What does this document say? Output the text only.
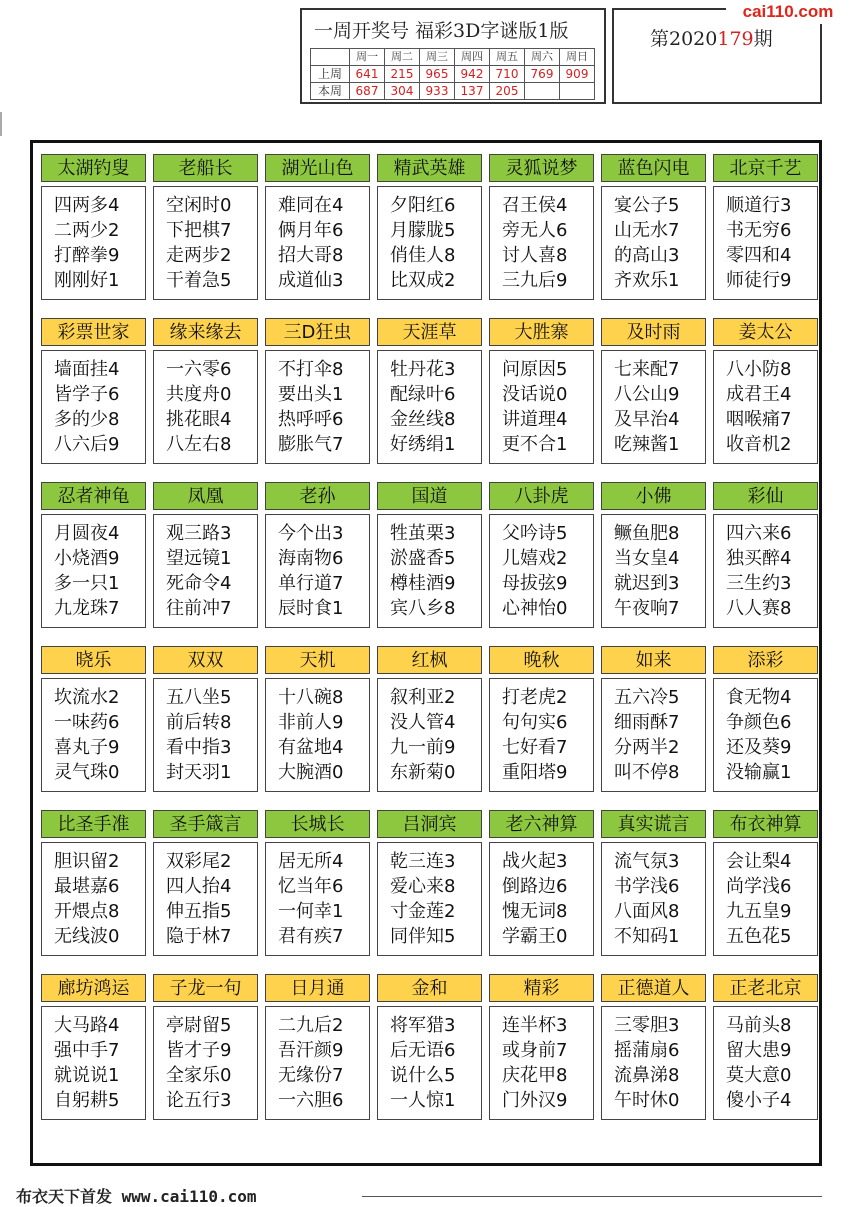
一周开奖号 福彩3D字谜版1版
	周一	周二	周三	周四	周五	周六	周日
上周	641	215	965	942	710	769	909
本周	687	304	933	137	205		
第2020179期
cai110.com
太湖钓叟
四两多4
二两少2
打醉拳9
刚刚好1
老船长
空闲时0
下把棋7
走两步2
干着急5
湖光山色
难同在4
俩月年6
招大哥8
成道仙3
精武英雄
夕阳红6
月朦胧5
俏佳人8
比双成2
灵狐说梦
召王侯4
旁无人6
讨人喜8
三九后9
蓝色闪电
宴公子5
山无水7
的高山3
齐欢乐1
北京千艺
顺道行3
书无穷6
零四和4
师徒行9
彩票世家
墙面挂4
皆学子6
多的少8
八六后9
缘来缘去
一六零6
共度舟0
挑花眼4
八左右8
三D狂虫
不打伞8
要出头1
热呼呼6
膨胀气7
天涯草
牡丹花3
配绿叶6
金丝线8
好绣绢1
大胜寨
问原因5
没话说0
讲道理4
更不合1
及时雨
七来配7
八公山9
及早治4
吃辣酱1
姜太公
八小防8
成君王4
咽喉痛7
收音机2
忍者神龟
月圆夜4
小烧酒9
多一只1
九龙珠7
凤凰
观三路3
望远镜1
死命令4
往前冲7
老孙
今个出3
海南物6
单行道7
辰时食1
国道
牲茧栗3
淤盛香5
樽桂酒9
宾八乡8
八卦虎
父吟诗5
儿嬉戏2
母拔弦9
心神怡0
小佛
鳜鱼肥8
当女皇4
就迟到3
午夜响7
彩仙
四六来6
独买醉4
三生约3
八人赛8
晓乐
坎流水2
一味药6
喜丸子9
灵气珠0
双双
五八坐5
前后转8
看中指3
封天羽1
天机
十八碗8
非前人9
有盆地4
大腕酒0
红枫
叙利亚2
没人管4
九一前9
东新菊0
晚秋
打老虎2
句句实6
七好看7
重阳塔9
如来
五六冷5
细雨酥7
分两半2
叫不停8
添彩
食无物4
争颜色6
还及葵9
没输赢1
比圣手准
胆识留2
最堪嘉6
开煨点8
无线波0
圣手箴言
双彩尾2
四人抬4
伸五指5
隐于林7
长城长
居无所4
忆当年6
一何幸1
君有疾7
吕洞宾
乾三连3
爱心来8
寸金莲2
同伴知5
老六神算
战火起3
倒路边6
愧无词8
学霸王0
真实谎言
流气氛3
书学浅6
八面风8
不知码1
布衣神算
会让梨4
尚学浅6
九五皇9
五色花5
廊坊鸿运
大马路4
强中手7
就说说1
自躬耕5
子龙一句
亭尉留5
皆才子9
全家乐0
论五行3
日月通
二九后2
吾汗颜9
无缘份7
一六胆6
金和
将军猎3
后无语6
说什么5
一人惊1
精彩
连半杯3
或身前7
庆花甲8
门外汉9
正德道人
三零胆3
摇蒲扇6
流鼻涕8
午时休0
正老北京
马前头8
留大患9
莫大意0
傻小子4
布衣天下首发 www.cai110.com
